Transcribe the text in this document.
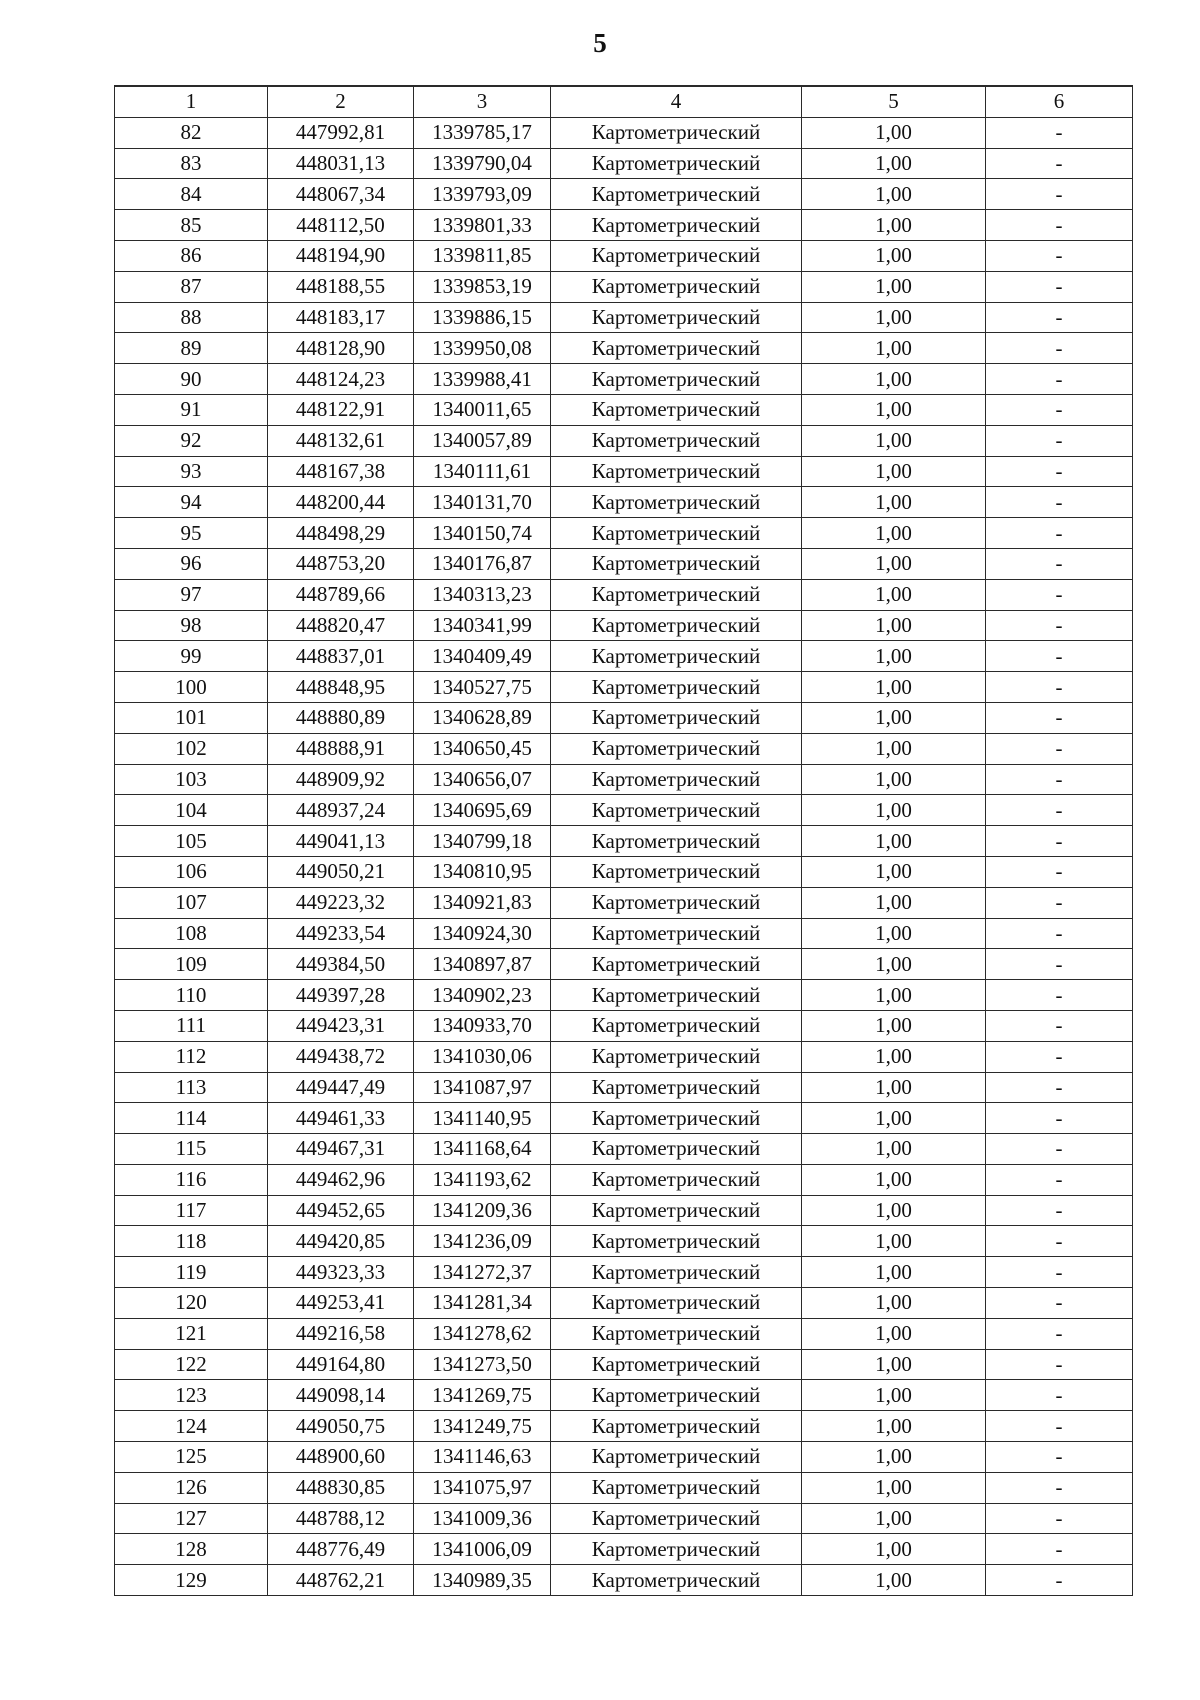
5
1	2	3	4	5	6
82	447992,81	1339785,17	Картометрический	1,00	-
83	448031,13	1339790,04	Картометрический	1,00	-
84	448067,34	1339793,09	Картометрический	1,00	-
85	448112,50	1339801,33	Картометрический	1,00	-
86	448194,90	1339811,85	Картометрический	1,00	-
87	448188,55	1339853,19	Картометрический	1,00	-
88	448183,17	1339886,15	Картометрический	1,00	-
89	448128,90	1339950,08	Картометрический	1,00	-
90	448124,23	1339988,41	Картометрический	1,00	-
91	448122,91	1340011,65	Картометрический	1,00	-
92	448132,61	1340057,89	Картометрический	1,00	-
93	448167,38	1340111,61	Картометрический	1,00	-
94	448200,44	1340131,70	Картометрический	1,00	-
95	448498,29	1340150,74	Картометрический	1,00	-
96	448753,20	1340176,87	Картометрический	1,00	-
97	448789,66	1340313,23	Картометрический	1,00	-
98	448820,47	1340341,99	Картометрический	1,00	-
99	448837,01	1340409,49	Картометрический	1,00	-
100	448848,95	1340527,75	Картометрический	1,00	-
101	448880,89	1340628,89	Картометрический	1,00	-
102	448888,91	1340650,45	Картометрический	1,00	-
103	448909,92	1340656,07	Картометрический	1,00	-
104	448937,24	1340695,69	Картометрический	1,00	-
105	449041,13	1340799,18	Картометрический	1,00	-
106	449050,21	1340810,95	Картометрический	1,00	-
107	449223,32	1340921,83	Картометрический	1,00	-
108	449233,54	1340924,30	Картометрический	1,00	-
109	449384,50	1340897,87	Картометрический	1,00	-
110	449397,28	1340902,23	Картометрический	1,00	-
111	449423,31	1340933,70	Картометрический	1,00	-
112	449438,72	1341030,06	Картометрический	1,00	-
113	449447,49	1341087,97	Картометрический	1,00	-
114	449461,33	1341140,95	Картометрический	1,00	-
115	449467,31	1341168,64	Картометрический	1,00	-
116	449462,96	1341193,62	Картометрический	1,00	-
117	449452,65	1341209,36	Картометрический	1,00	-
118	449420,85	1341236,09	Картометрический	1,00	-
119	449323,33	1341272,37	Картометрический	1,00	-
120	449253,41	1341281,34	Картометрический	1,00	-
121	449216,58	1341278,62	Картометрический	1,00	-
122	449164,80	1341273,50	Картометрический	1,00	-
123	449098,14	1341269,75	Картометрический	1,00	-
124	449050,75	1341249,75	Картометрический	1,00	-
125	448900,60	1341146,63	Картометрический	1,00	-
126	448830,85	1341075,97	Картометрический	1,00	-
127	448788,12	1341009,36	Картометрический	1,00	-
128	448776,49	1341006,09	Картометрический	1,00	-
129	448762,21	1340989,35	Картометрический	1,00	-
